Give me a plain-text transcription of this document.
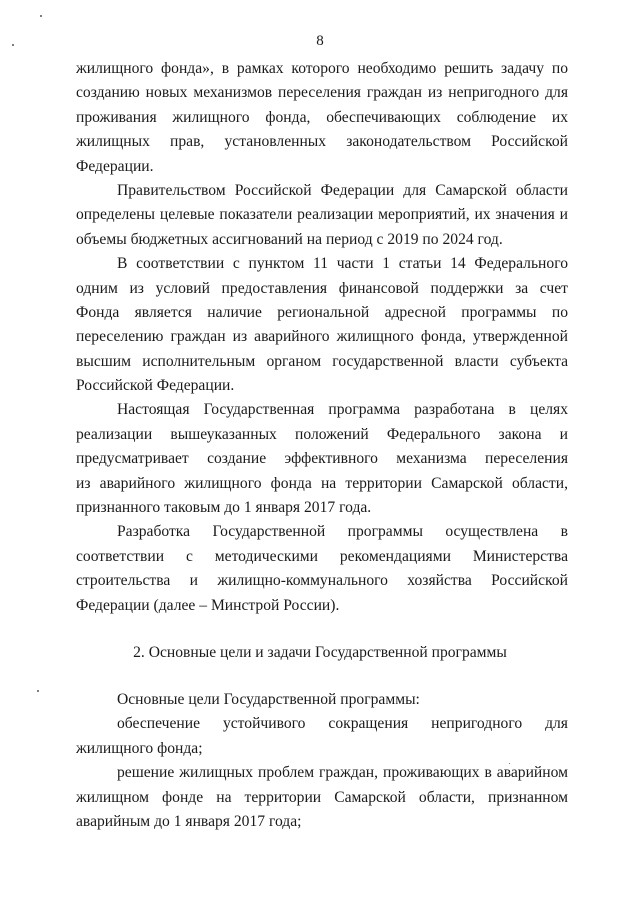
8
жилищного фонда», в рамках которого необходимо решить задачу по
созданию новых механизмов переселения граждан из непригодного для
проживания жилищного фонда, обеспечивающих соблюдение их
жилищных прав, установленных законодательством Российской
Федерации.
Правительством Российской Федерации для Самарской области
определены целевые показатели реализации мероприятий, их значения и
объемы бюджетных ассигнований на период с 2019 по 2024 год.
В соответствии с пунктом 11 части 1 статьи 14 Федерального
одним из условий предоставления финансовой поддержки за счет
Фонда является наличие региональной адресной программы по
переселению граждан из аварийного жилищного фонда, утвержденной
высшим исполнительным органом государственной власти субъекта
Российской Федерации.
Настоящая Государственная программа разработана в целях
реализации вышеуказанных положений Федерального закона и
предусматривает создание эффективного механизма переселения
из аварийного жилищного фонда на территории Самарской области,
признанного таковым до 1 января 2017 года.
Разработка Государственной программы осуществлена в
соответствии с методическими рекомендациями Министерства
строительства и жилищно-коммунального хозяйства Российской
Федерации (далее – Минстрой России).
2. Основные цели и задачи Государственной программы
Основные цели Государственной программы:
обеспечение устойчивого сокращения непригодного для
жилищного фонда;
решение жилищных проблем граждан, проживающих в аварийном
жилищном фонде на территории Самарской области, признанном
аварийным до 1 января 2017 года;
